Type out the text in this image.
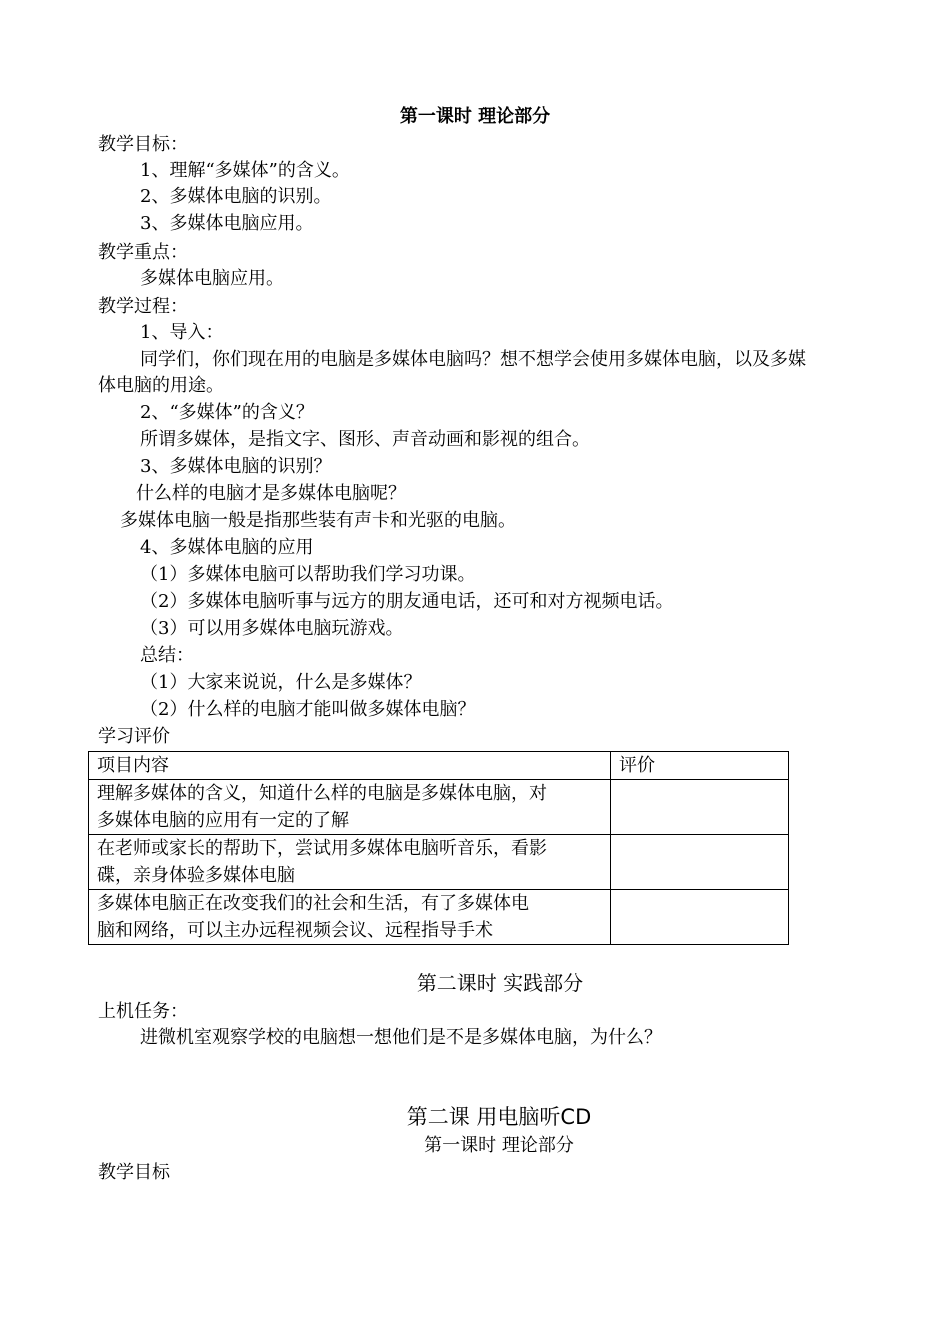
第一课时 理论部分
教学目标：
1、理解“多媒体”的含义。
2、多媒体电脑的识别。
3、多媒体电脑应用。
教学重点：
多媒体电脑应用。
教学过程：
1、导入：
同学们，你们现在用的电脑是多媒体电脑吗？想不想学会使用多媒体电脑，以及多媒
体电脑的用途。
2、“多媒体”的含义？
所谓多媒体，是指文字、图形、声音动画和影视的组合。
3、多媒体电脑的识别？
什么样的电脑才是多媒体电脑呢？
多媒体电脑一般是指那些装有声卡和光驱的电脑。
4、多媒体电脑的应用
（1）多媒体电脑可以帮助我们学习功课。
（2）多媒体电脑听事与远方的朋友通电话，还可和对方视频电话。
（3）可以用多媒体电脑玩游戏。
总结：
（1）大家来说说，什么是多媒体？
（2）什么样的电脑才能叫做多媒体电脑？
学习评价
项目内容	评价

理解多媒体的含义，知道什么样的电脑是多媒体电脑，对
多媒体电脑的应用有一定的了解	

在老师或家长的帮助下，尝试用多媒体电脑听音乐，看影
碟，亲身体验多媒体电脑	

多媒体电脑正在改变我们的社会和生活，有了多媒体电
脑和网络，可以主办远程视频会议、远程指导手术	

第二课时 实践部分
上机任务：
进微机室观察学校的电脑想一想他们是不是多媒体电脑，为什么？
第二课 用电脑听CD
第一课时 理论部分
教学目标
